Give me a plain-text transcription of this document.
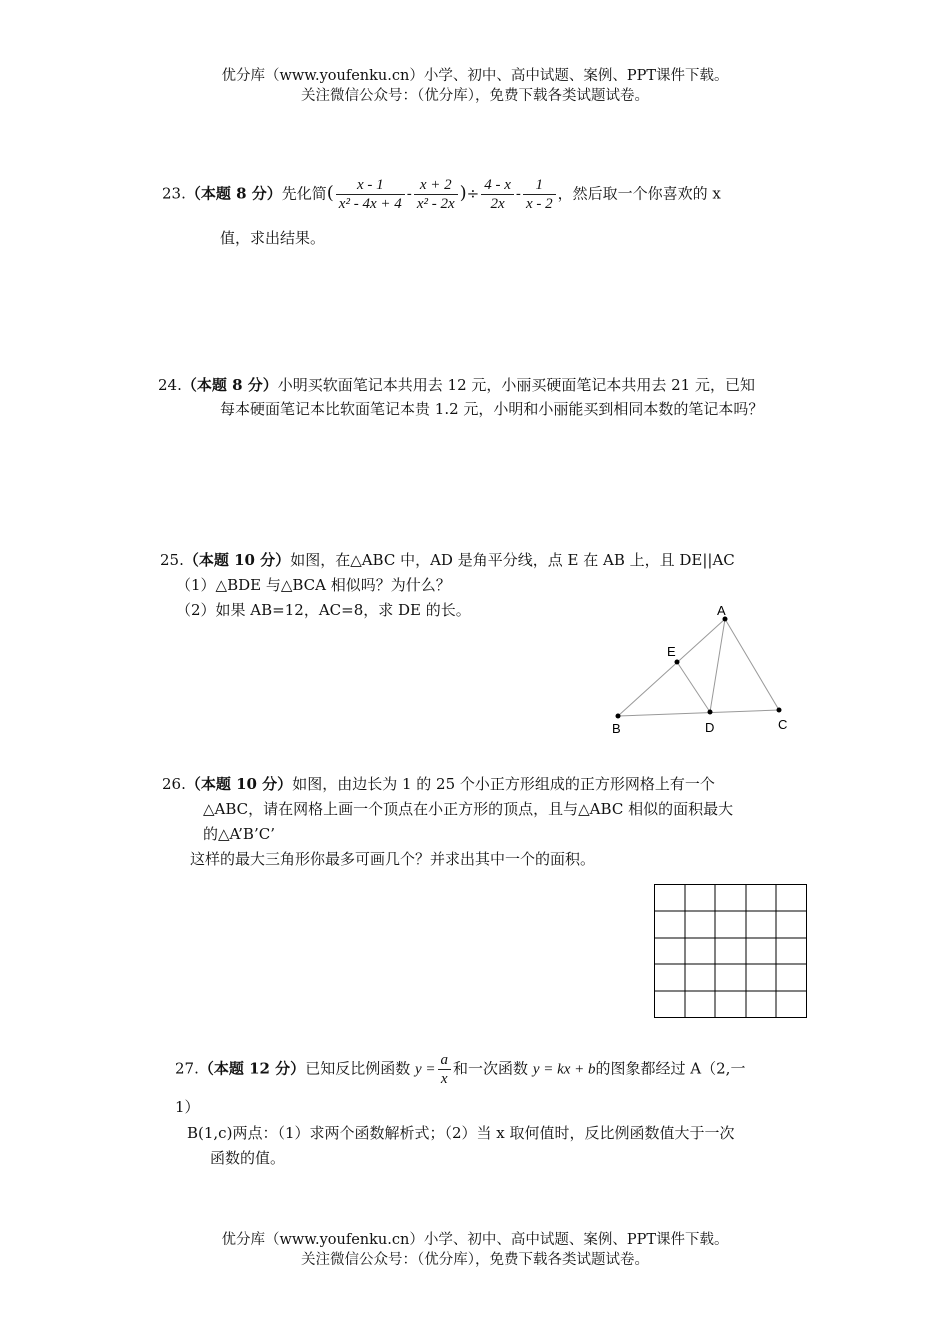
优分库（www.youfenku.cn）小学、初中、高中试题、案例、PPT课件下载。
关注微信公众号：（优分库），免费下载各类试题试卷。
23.（本题 8 分）先化简( $\frac{x - 1}{\text{x² - 4x + 4}} - \frac{x + 2}{\text{x² - 2x}}$ )÷ $\frac{4 - x}{2x} - \frac{1}{x - 2}$ ，然后取一个你喜欢的 x
值，求出结果。
24.（本题 8 分）小明买软面笔记本共用去 12 元，小丽买硬面笔记本共用去 21 元，已知
每本硬面笔记本比软面笔记本贵 1.2 元，小明和小丽能买到相同本数的笔记本吗？
25.（本题 10 分）如图，在△ABC 中，AD 是角平分线，点 E 在 AB 上，且 DE||AC
（1）△BDE 与△BCA 相似吗？为什么？
（2）如果 AB=12，AC=8，求 DE 的长。	A
E
B	D	C
26.（本题 10 分）如图，由边长为 1 的 25 个小正方形组成的正方形网格上有一个
△ABC，请在网格上画一个顶点在小正方形的顶点，且与△ABC 相似的面积最大
的△A’B’C’
这样的最大三角形你最多可画几个？并求出其中一个的面积。
27.（本题 12 分）已知反比例函数 $y = \frac{a}{x}$ 和一次函数 y = kx + b的图象都经过 A（2,一
1）
B(1,c)两点：（1）求两个函数解析式；（2）当 x 取何值时，反比例函数值大于一次
函数的值。
优分库（www.youfenku.cn）小学、初中、高中试题、案例、PPT课件下载。
关注微信公众号：（优分库），免费下载各类试题试卷。
